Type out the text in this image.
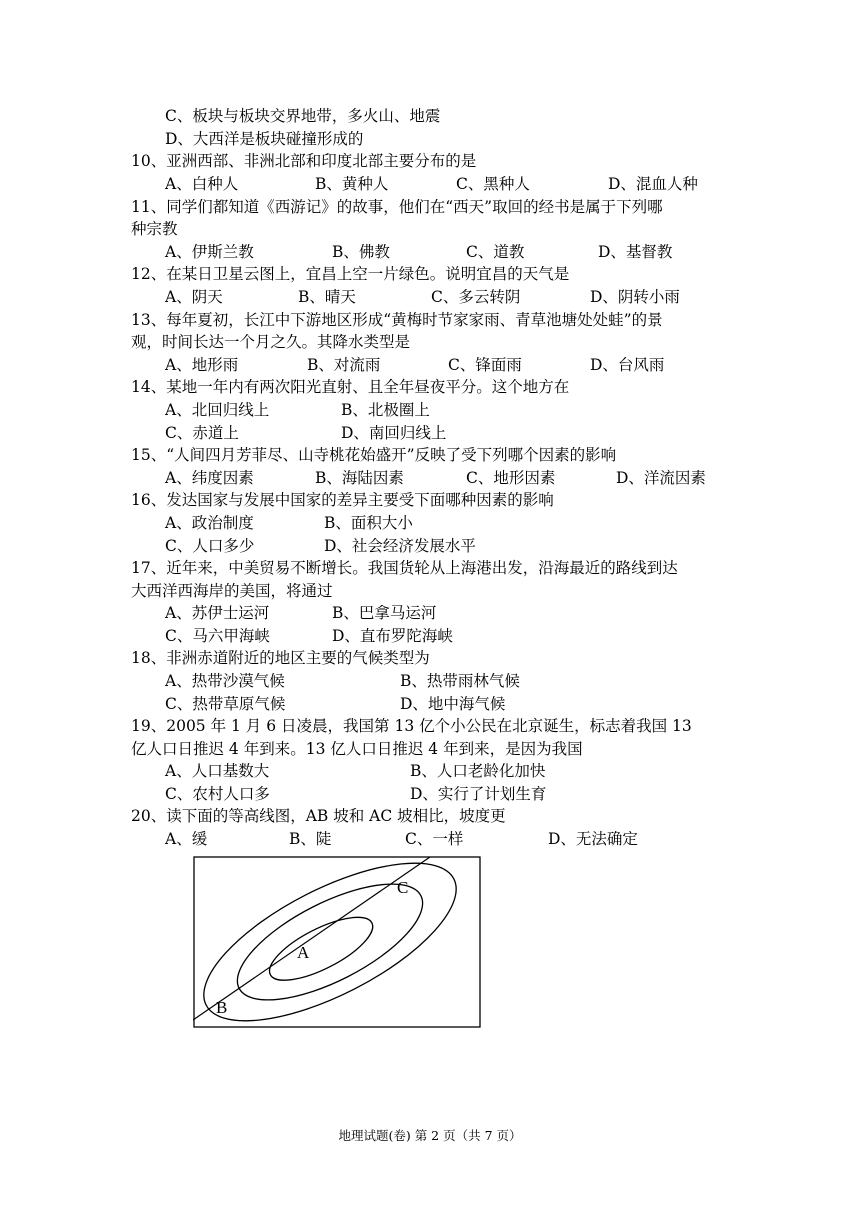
C、板块与板块交界地带，多火山、地震
D、大西洋是板块碰撞形成的
10、亚洲西部、非洲北部和印度北部主要分布的是
A、白种人	B、黄种人	C、黑种人	D、混血人种
11、同学们都知道《西游记》的故事，他们在“西天”取回的经书是属于下列哪
种宗教
A、伊斯兰教	B、佛教	C、道教	D、基督教
12、在某日卫星云图上，宜昌上空一片绿色。说明宜昌的天气是
A、阴天	B、晴天	C、多云转阴	D、阴转小雨
13、每年夏初，长江中下游地区形成“黄梅时节家家雨、青草池塘处处蛙”的景
观，时间长达一个月之久。其降水类型是
A、地形雨	B、对流雨	C、锋面雨	D、台风雨
14、某地一年内有两次阳光直射、且全年昼夜平分。这个地方在
A、北回归线上	B、北极圈上
C、赤道上	D、南回归线上
15、“人间四月芳菲尽、山寺桃花始盛开”反映了受下列哪个因素的影响
A、纬度因素	B、海陆因素	C、地形因素	D、洋流因素
16、发达国家与发展中国家的差异主要受下面哪种因素的影响
A、政治制度	B、面积大小
C、人口多少	D、社会经济发展水平
17、近年来，中美贸易不断增长。我国货轮从上海港出发，沿海最近的路线到达
大西洋西海岸的美国，将通过
A、苏伊士运河	B、巴拿马运河
C、马六甲海峡	D、直布罗陀海峡
18、非洲赤道附近的地区主要的气候类型为
A、热带沙漠气候	B、热带雨林气候
C、热带草原气候	D、地中海气候
19、2005 年 1 月 6 日凌晨，我国第 13 亿个小公民在北京诞生，标志着我国 13
亿人口日推迟 4 年到来。13 亿人口日推迟 4 年到来，是因为我国
A、人口基数大	B、人口老龄化加快
C、农村人口多	D、实行了计划生育
20、读下面的等高线图，AB 坡和 AC 坡相比，坡度更
A、缓	B、陡	C、一样	D、无法确定
A
B
C
地理试题(卷) 第 2 页（共 7 页）
